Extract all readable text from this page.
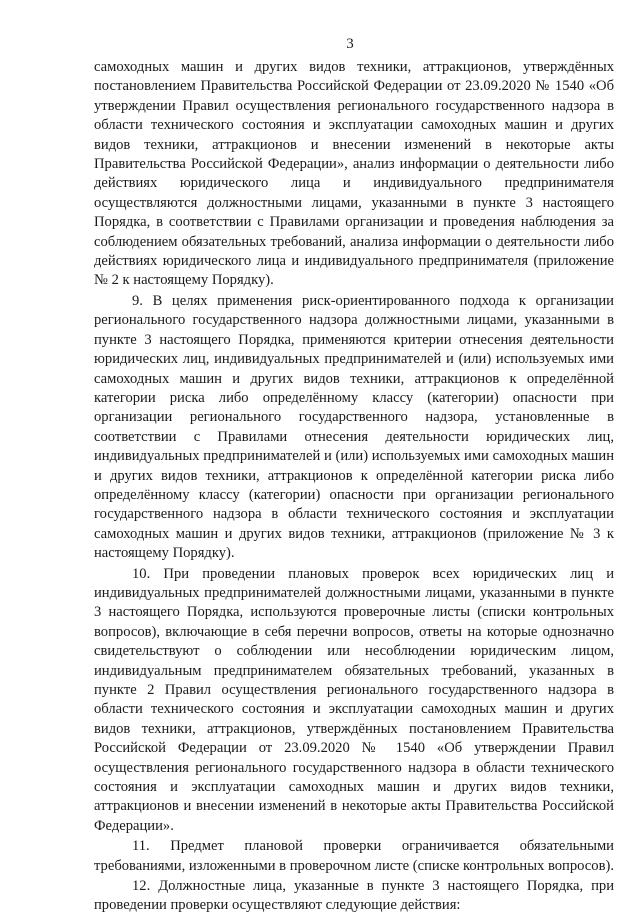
3

самоходных машин и других видов техники, аттракционов, утверждённых постановлением Правительства Российской Федерации от 23.09.2020 № 1540 «Об утверждении Правил осуществления регионального государственного надзора в области технического состояния и эксплуатации самоходных машин и других видов техники, аттракционов и внесении изменений в некоторые акты Правительства Российской Федерации», анализ информации о деятельности либо действиях юридического лица и индивидуального предпринимателя осуществляются должностными лицами, указанными в пункте 3 настоящего Порядка, в соответствии с Правилами организации и проведения наблюдения за соблюдением обязательных требований, анализа информации о деятельности либо действиях юридического лица и индивидуального предпринимателя (приложение № 2 к настоящему Порядку).

9. В целях применения риск-ориентированного подхода к организации регионального государственного надзора должностными лицами, указанными в пункте 3 настоящего Порядка, применяются критерии отнесения деятельности юридических лиц, индивидуальных предпринимателей и (или) используемых ими самоходных машин и других видов техники, аттракционов к определённой категории риска либо определённому классу (категории) опасности при организации регионального государственного надзора, установленные в соответствии с Правилами отнесения деятельности юридических лиц, индивидуальных предпринимателей и (или) используемых ими самоходных машин и других видов техники, аттракционов к определённой категории риска либо определённому классу (категории) опасности при организации регионального государственного надзора в области технического состояния и эксплуатации самоходных машин и других видов техники, аттракционов (приложение № 3 к настоящему Порядку).

10. При проведении плановых проверок всех юридических лиц и индивидуальных предпринимателей должностными лицами, указанными в пункте 3 настоящего Порядка, используются проверочные листы (списки контрольных вопросов), включающие в себя перечни вопросов, ответы на которые однозначно свидетельствуют о соблюдении или несоблюдении юридическим лицом, индивидуальным предпринимателем обязательных требований, указанных в пункте 2 Правил осуществления регионального государственного надзора в области технического состояния и эксплуатации самоходных машин и других видов техники, аттракционов, утверждённых постановлением Правительства Российской Федерации от 23.09.2020 № 1540 «Об утверждении Правил осуществления регионального государственного надзора в области технического состояния и эксплуатации самоходных машин и других видов техники, аттракционов и внесении изменений в некоторые акты Правительства Российской Федерации».

11. Предмет плановой проверки ограничивается обязательными требованиями, изложенными в проверочном листе (списке контрольных вопросов).

12. Должностные лица, указанные в пункте 3 настоящего Порядка, при проведении проверки осуществляют следующие действия:
